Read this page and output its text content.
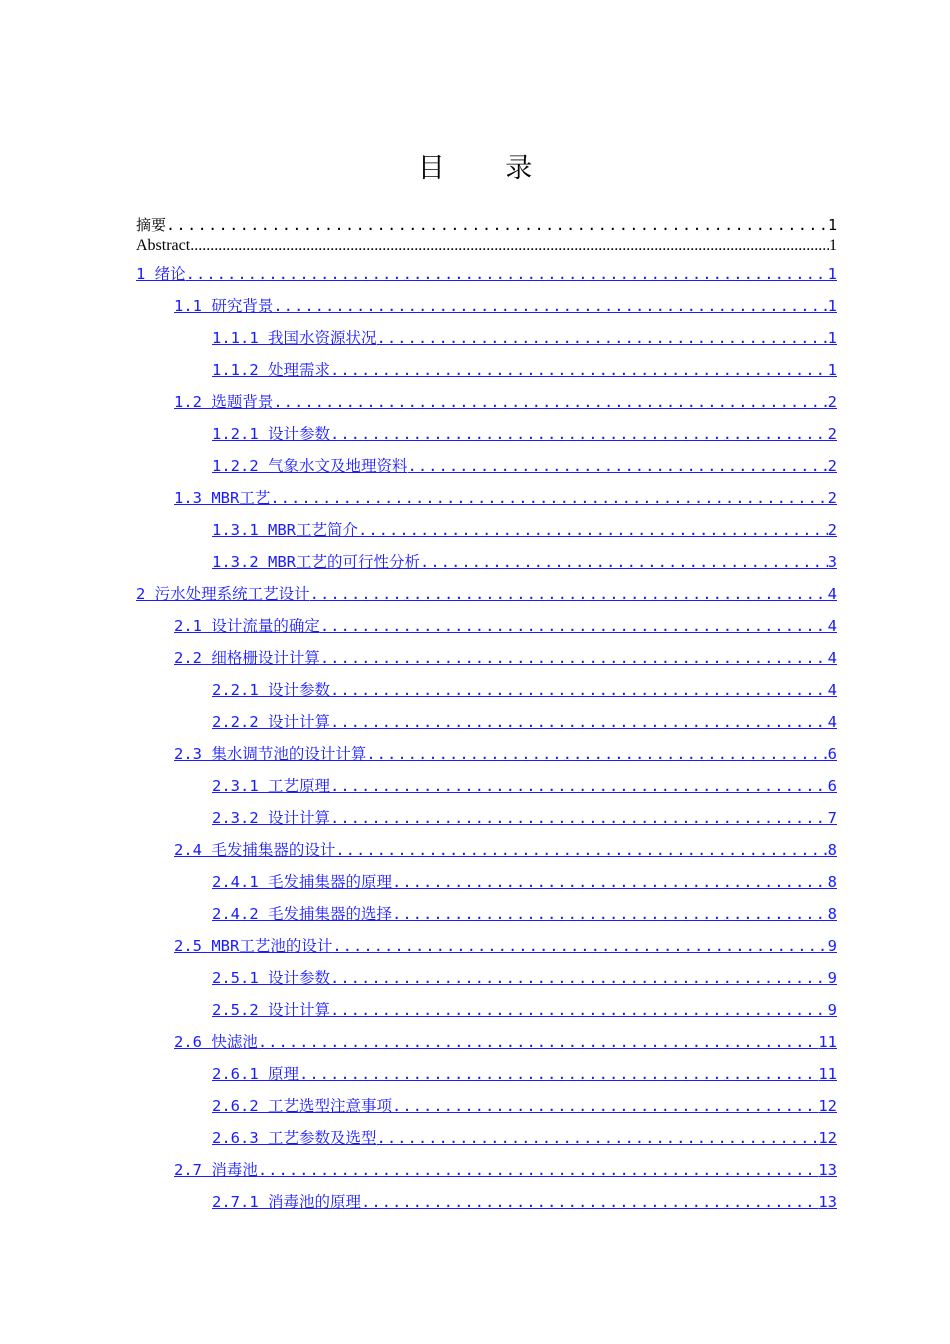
目 录
摘要 .....	1
Abstract .....	1
1 绪论 .....	1
1.1 研究背景 .....	1
1.1.1 我国水资源状况 .....	1
1.1.2 处理需求 .....	1
1.2 选题背景 .....	2
1.2.1 设计参数 .....	2
1.2.2 气象水文及地理资料 .....	2
1.3 MBR工艺 .....	2
1.3.1 MBR工艺简介 .....	2
1.3.2 MBR工艺的可行性分析 .....	3
2 污水处理系统工艺设计 .....	4
2.1 设计流量的确定 .....	4
2.2 细格栅设计计算 .....	4
2.2.1 设计参数 .....	4
2.2.2 设计计算 .....	4
2.3 集水调节池的设计计算 .....	6
2.3.1 工艺原理 .....	6
2.3.2 设计计算 .....	7
2.4 毛发捕集器的设计 .....	8
2.4.1 毛发捕集器的原理 .....	8
2.4.2 毛发捕集器的选择 .....	8
2.5 MBR工艺池的设计 .....	9
2.5.1 设计参数 .....	9
2.5.2 设计计算 .....	9
2.6 快滤池 .....	11
2.6.1 原理 .....	11
2.6.2 工艺选型注意事项 .....	12
2.6.3 工艺参数及选型 .....	12
2.7 消毒池 .....	13
2.7.1 消毒池的原理 .....	13
